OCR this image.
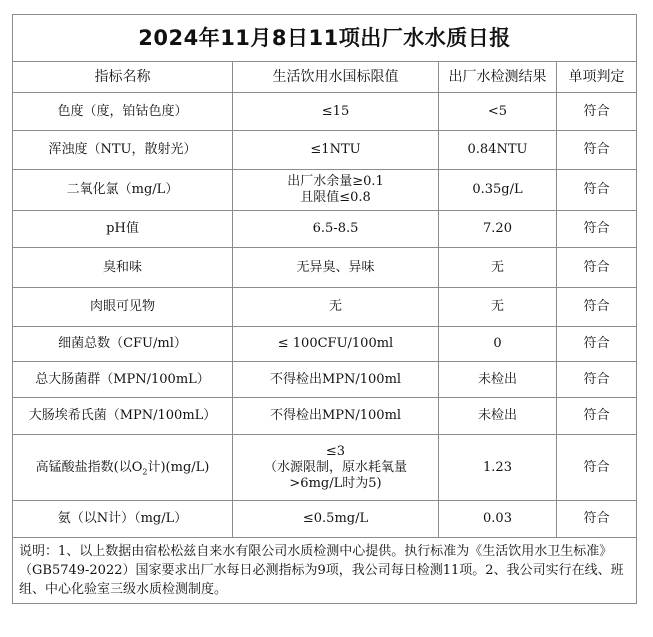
2024年11月8日11项出厂水水质日报			
指标名称	生活饮用水国标限值	出厂水检测结果	单项判定
色度（度，铂钴色度）	≤15	<5	符合
浑浊度（NTU，散射光）	≤1NTU	0.84NTU	符合
二氧化氯（mg/L）	出厂水余量≥0.1
且限值≤0.8	0.35g/L	符合
pH值	6.5-8.5	7.20	符合
臭和味	无异臭、异味	无	符合
肉眼可见物	无	无	符合
细菌总数（CFU/ml）	≤ 100CFU/100ml	0	符合
总大肠菌群（MPN/100mL）	不得检出MPN/100ml	未检出	符合
大肠埃希氏菌（MPN/100mL）	不得检出MPN/100ml	未检出	符合
高锰酸盐指数(以$O_2$计)(mg/L)	≤3
（水源限制，原水耗氧量
>6mg/L时为5)	1.23	符合
氨（以N计）（mg/L）	≤0.5mg/L	0.03	符合
说明：1、以上数据由宿松松兹自来水有限公司水质检测中心提供。执行标准为《生活饮用水卫生标准》（GB5749-2022）国家要求出厂水每日必测指标为9项，我公司每日检测11项。2、我公司实行在线、班组、中心化验室三级水质检测制度。			
